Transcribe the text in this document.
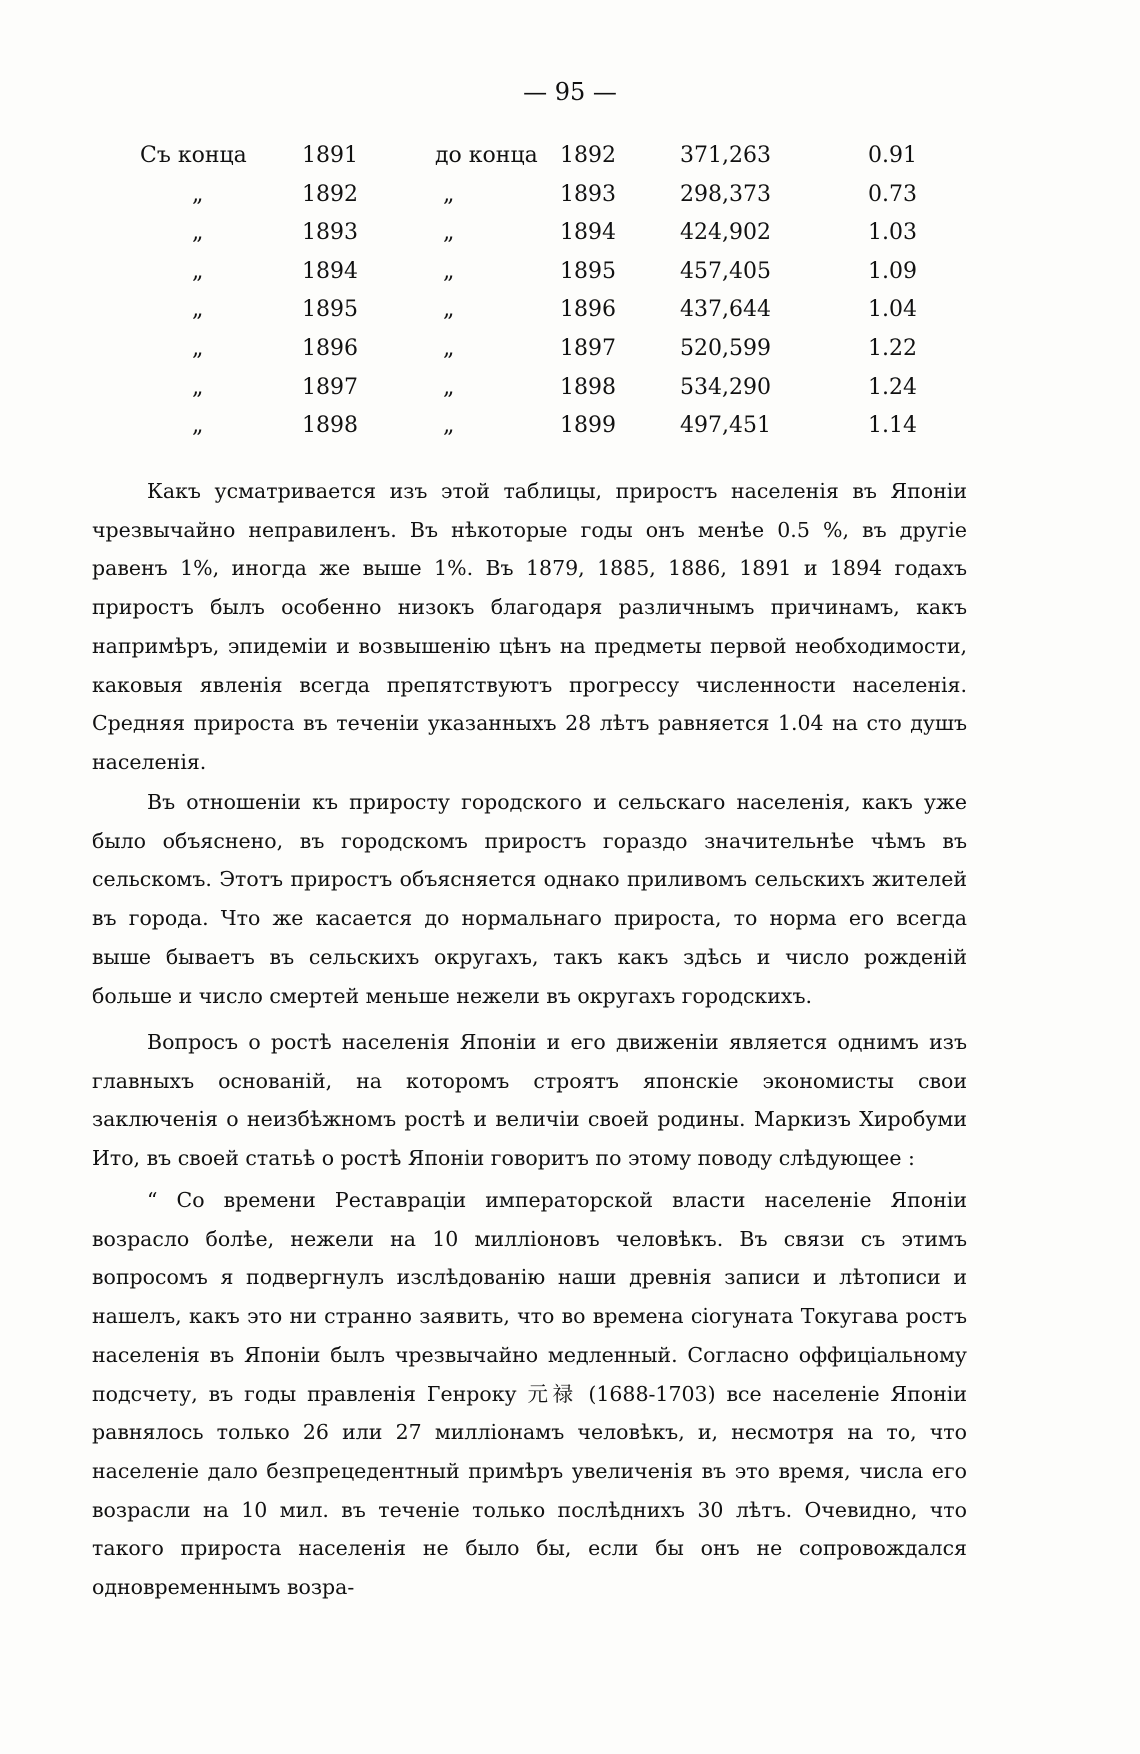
— 95 —
Съ конца	1891	до конца 1892	371,263	0.91
„	1892	„	1893	298,373	0.73
„	1893	„	1894	424,902	1.03
„	1894	„	1895	457,405	1.09
„	1895	„	1896	437,644	1.04
„	1896	„	1897	520,599	1.22
„	1897	„	1898	534,290	1.24
„	1898	„	1899	497,451	1.14

Какъ усматривается изъ этой таблицы, приростъ населенія въ Японіи чрезвычайно неправиленъ. Въ нѣкоторые годы онъ менѣе 0.5 %, въ другіе равенъ 1%, иногда же выше 1%. Въ 1879, 1885, 1886, 1891 и 1894 годахъ приростъ былъ особенно низокъ благодаря различнымъ причинамъ, какъ напримѣръ, эпидеміи и возвышенію цѣнъ на предметы первой необходимости, каковыя явленія всегда препятствуютъ прогрессу численности населенія. Средняя прироста въ теченіи указанныхъ 28 лѣтъ равняется 1.04 на сто душъ населенія.

Въ отношеніи къ приросту городского и сельскаго населенія, какъ уже было объяснено, въ городскомъ приростъ гораздо значительнѣе чѣмъ въ сельскомъ. Этотъ приростъ объясняется однако приливомъ сельскихъ жителей въ города. Что же касается до нормальнаго прироста, то норма его всегда выше бываетъ въ сельскихъ округахъ, такъ какъ здѣсь и число рожденій больше и число смертей меньше нежели въ округахъ городскихъ.

Вопросъ о ростѣ населенія Японіи и его движеніи является однимъ изъ главныхъ основаній, на которомъ строятъ японскіе экономисты свои заключенія о неизбѣжномъ ростѣ и величіи своей родины. Маркизъ Хиробуми Ито, въ своей статьѣ о ростѣ Японіи говоритъ по этому поводу слѣдующее :

“ Со времени Реставраціи императорской власти населеніе Японіи возрасло болѣе, нежели на 10 милліоновъ человѣкъ. Въ связи съ этимъ вопросомъ я подвергнулъ изслѣдованію наши древнія записи и лѣтописи и нашелъ, какъ это ни странно заявить, что во времена сіогуната Токугава ростъ населенія въ Японіи былъ чрезвычайно медленный. Согласно оффиціальному подсчету, въ годы правленія Генроку 元禄 (1688-1703) все населеніе Японіи равнялось только 26 или 27 милліонамъ человѣкъ, и, несмотря на то, что населеніе дало безпрецедентный примѣръ увеличенія въ это время, числа его возрасли на 10 мил. въ теченіе только послѣднихъ 30 лѣтъ. Очевидно, что такого прироста населенія не было бы, если бы онъ не сопровождался одновременнымъ возра-
